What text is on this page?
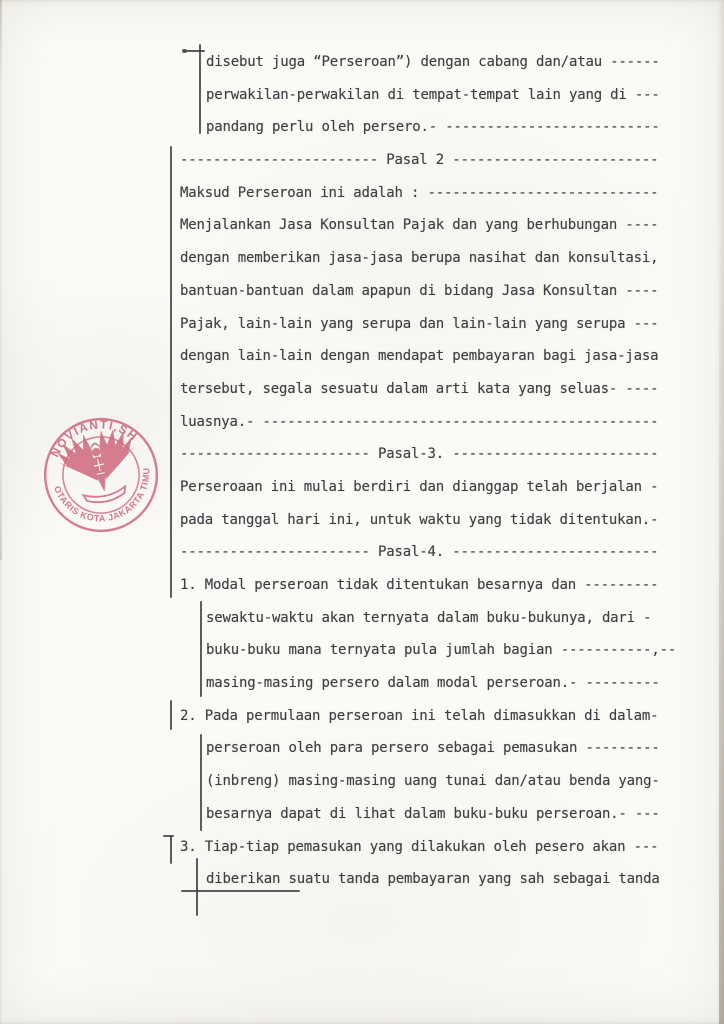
disebut juga “Perseroan”) dengan cabang dan/atau ------
perwakilan-perwakilan di tempat-tempat lain yang di ---
pandang perlu oleh persero.- --------------------------
------------------------ Pasal 2 -------------------------
Maksud Perseroan ini adalah : ----------------------------
Menjalankan Jasa Konsultan Pajak dan yang berhubungan ----
dengan memberikan jasa-jasa berupa nasihat dan konsultasi,
bantuan-bantuan dalam apapun di bidang Jasa Konsultan ----
Pajak, lain-lain yang serupa dan lain-lain yang serupa ---
dengan lain-lain dengan mendapat pembayaran bagi jasa-jasa
tersebut, segala sesuatu dalam arti kata yang seluas- ----
luasnya.- ------------------------------------------------
----------------------- Pasal-3. -------------------------
Perseroaan ini mulai berdiri dan dianggap telah berjalan -
pada tanggal hari ini, untuk waktu yang tidak ditentukan.-
----------------------- Pasal-4. -------------------------
1. Modal perseroan tidak ditentukan besarnya dan ---------
sewaktu-waktu akan ternyata dalam buku-bukunya, dari -
buku-buku mana ternyata pula jumlah bagian -----------,--
masing-masing persero dalam modal perseroan.- ---------
2. Pada permulaan perseroan ini telah dimasukkan di dalam-
perseroan oleh para persero sebagai pemasukan ---------
(inbreng) masing-masing uang tunai dan/atau benda yang-
besarnya dapat di lihat dalam buku-buku perseroan.- ---
3. Tiap-tiap pemasukan yang dilakukan oleh pesero akan ---
diberikan suatu tanda pembayaran yang sah sebagai tanda
NOVIANTI,SH
NOTARIS KOTA JAKARTA TIMUR
